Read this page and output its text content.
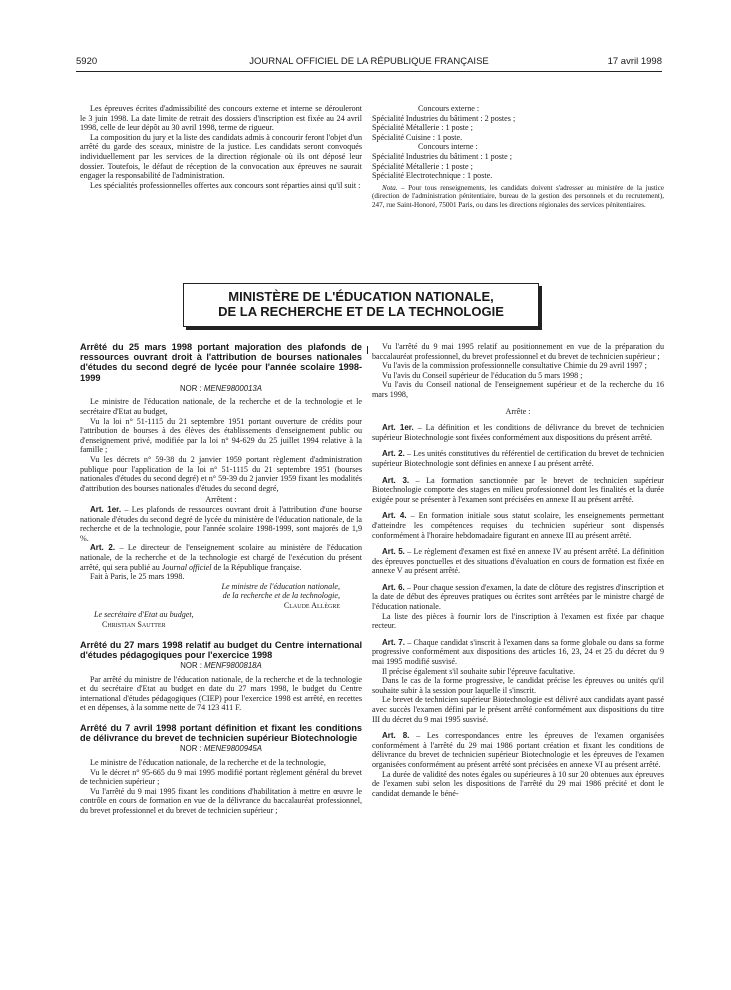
5920	JOURNAL OFFICIEL DE LA RÉPUBLIQUE FRANÇAISE	17 avril 1998

Les épreuves écrites d'admissibilité des concours externe et interne se dérouleront le 3 juin 1998. La date limite de retrait des dossiers d'inscription est fixée au 24 avril 1998, celle de leur dépôt au 30 avril 1998, terme de rigueur.

La composition du jury et la liste des candidats admis à concourir feront l'objet d'un arrêté du garde des sceaux, ministre de la justice. Les candidats seront convoqués individuellement par les services de la direction régionale où ils ont déposé leur dossier. Toutefois, le défaut de réception de la convocation aux épreuves ne saurait engager la responsabilité de l'administration.

Les spécialités professionnelles offertes aux concours sont réparties ainsi qu'il suit :

Concours externe :

Spécialité Industries du bâtiment : 2 postes ;

Spécialité Métallerie : 1 poste ;

Spécialité Cuisine : 1 poste.

Concours interne :

Spécialité Industries du bâtiment : 1 poste ;

Spécialité Métallerie : 1 poste ;

Spécialité Electrotechnique : 1 poste.

Nota. – Pour tous renseignements, les candidats doivent s'adresser au ministère de la justice (direction de l'administration pénitentiaire, bureau de la gestion des personnels et du recrutement), 247, rue Saint-Honoré, 75001 Paris, ou dans les directions régionales des services pénitentiaires.

MINISTÈRE DE L'ÉDUCATION NATIONALE,
DE LA RECHERCHE ET DE LA TECHNOLOGIE
Arrêté du 25 mars 1998 portant majoration des plafonds de ressources ouvrant droit à l'attribution de bourses nationales d'études du second degré de lycée pour l'année scolaire 1998-1999
NOR : MENE9800013A

Le ministre de l'éducation nationale, de la recherche et de la technologie et le secrétaire d'Etat au budget,

Vu la loi n° 51-1115 du 21 septembre 1951 portant ouverture de crédits pour l'attribution de bourses à des élèves des établissements d'enseignement public ou d'enseignement privé, modifiée par la loi n° 94-629 du 25 juillet 1994 relative à la famille ;

Vu les décrets n° 59-38 du 2 janvier 1959 portant règlement d'administration publique pour l'application de la loi n° 51-1115 du 21 septembre 1951 (bourses nationales d'études du second degré) et n° 59-39 du 2 janvier 1959 fixant les modalités d'attribution des bourses nationales d'études du second degré,

Arrêtent :

Art. 1er. – Les plafonds de ressources ouvrant droit à l'attribution d'une bourse nationale d'études du second degré de lycée du ministère de l'éducation nationale, de la recherche et de la technologie, pour l'année scolaire 1998-1999, sont majorés de 1,9 %.

Art. 2. – Le directeur de l'enseignement scolaire au ministère de l'éducation nationale, de la recherche et de la technologie est chargé de l'exécution du présent arrêté, qui sera publié au Journal officiel de la République française.

Fait à Paris, le 25 mars 1998.

Le ministre de l'éducation nationale,

de la recherche et de la technologie,

Claude Allègre

Le secrétaire d'Etat au budget,

Christian Sautter

Arrêté du 27 mars 1998 relatif au budget du Centre international d'études pédagogiques pour l'exercice 1998
NOR : MENF9800818A

Par arrêté du ministre de l'éducation nationale, de la recherche et de la technologie et du secrétaire d'Etat au budget en date du 27 mars 1998, le budget du Centre international d'études pédagogiques (CIEP) pour l'exercice 1998 est arrêté, en recettes et en dépenses, à la somme nette de 74 123 411 F.

Arrêté du 7 avril 1998 portant définition et fixant les conditions de délivrance du brevet de technicien supérieur Biotechnologie
NOR : MENE9800945A

Le ministre de l'éducation nationale, de la recherche et de la technologie,

Vu le décret n° 95-665 du 9 mai 1995 modifié portant règlement général du brevet de technicien supérieur ;

Vu l'arrêté du 9 mai 1995 fixant les conditions d'habilitation à mettre en œuvre le contrôle en cours de formation en vue de la délivrance du baccalauréat professionnel, du brevet professionnel et du brevet de technicien supérieur ;

Vu l'arrêté du 9 mai 1995 relatif au positionnement en vue de la préparation du baccalauréat professionnel, du brevet professionnel et du brevet de technicien supérieur ;

Vu l'avis de la commission professionnelle consultative Chimie du 29 avril 1997 ;

Vu l'avis du Conseil supérieur de l'éducation du 5 mars 1998 ;

Vu l'avis du Conseil national de l'enseignement supérieur et de la recherche du 16 mars 1998,

Arrête :

Art. 1er. – La définition et les conditions de délivrance du brevet de technicien supérieur Biotechnologie sont fixées conformément aux dispositions du présent arrêté.

Art. 2. – Les unités constitutives du référentiel de certification du brevet de technicien supérieur Biotechnologie sont définies en annexe I au présent arrêté.

Art. 3. – La formation sanctionnée par le brevet de technicien supérieur Biotechnologie comporte des stages en milieu professionnel dont les finalités et la durée exigée pour se présenter à l'examen sont précisées en annexe II au présent arrêté.

Art. 4. – En formation initiale sous statut scolaire, les enseignements permettant d'atteindre les compétences requises du technicien supérieur sont dispensés conformément à l'horaire hebdomadaire figurant en annexe III au présent arrêté.

Art. 5. – Le règlement d'examen est fixé en annexe IV au présent arrêté. La définition des épreuves ponctuelles et des situations d'évaluation en cours de formation est fixée en annexe V au présent arrêté.

Art. 6. – Pour chaque session d'examen, la date de clôture des registres d'inscription et la date de début des épreuves pratiques ou écrites sont arrêtées par le ministre chargé de l'éducation nationale.

La liste des pièces à fournir lors de l'inscription à l'examen est fixée par chaque recteur.

Art. 7. – Chaque candidat s'inscrit à l'examen dans sa forme globale ou dans sa forme progressive conformément aux dispositions des articles 16, 23, 24 et 25 du décret du 9 mai 1995 modifié susvisé.

Il précise également s'il souhaite subir l'épreuve facultative.

Dans le cas de la forme progressive, le candidat précise les épreuves ou unités qu'il souhaite subir à la session pour laquelle il s'inscrit.

Le brevet de technicien supérieur Biotechnologie est délivré aux candidats ayant passé avec succès l'examen défini par le présent arrêté conformément aux dispositions du titre III du décret du 9 mai 1995 susvisé.

Art. 8. – Les correspondances entre les épreuves de l'examen organisées conformément à l'arrêté du 29 mai 1986 portant création et fixant les conditions de délivrance du brevet de technicien supérieur Biotechnologie et les épreuves de l'examen organisées conformément au présent arrêté sont précisées en annexe VI au présent arrêté.

La durée de validité des notes égales ou supérieures à 10 sur 20 obtenues aux épreuves de l'examen subi selon les dispositions de l'arrêté du 29 mai 1986 précité et dont le candidat demande le béné-
